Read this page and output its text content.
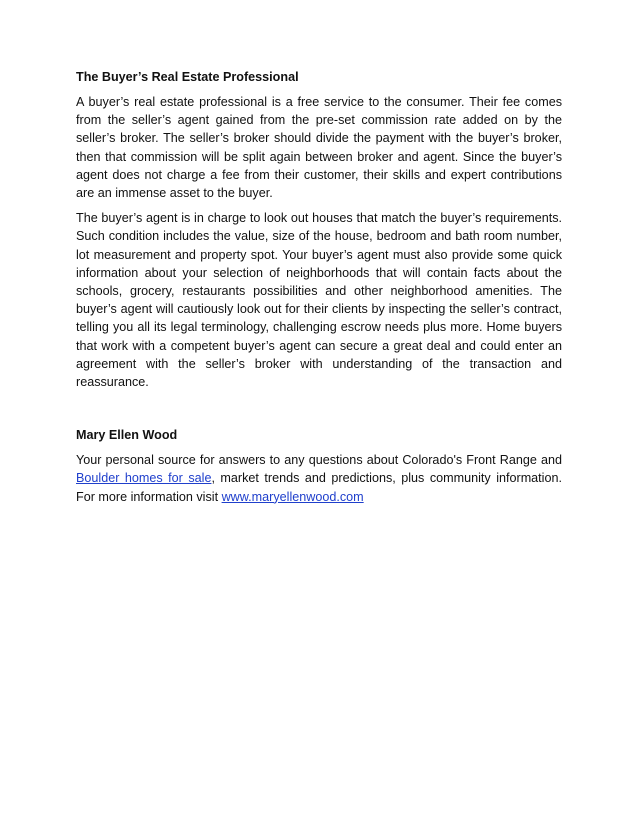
The Buyer’s Real Estate Professional

A buyer’s real estate professional is a free service to the consumer. Their fee comes from the seller’s agent gained from the pre-set commission rate added on by the seller’s broker. The seller’s broker should divide the payment with the buyer’s broker, then that commission will be split again between broker and agent. Since the buyer’s agent does not charge a fee from their customer, their skills and expert contributions are an immense asset to the buyer.

The buyer’s agent is in charge to look out houses that match the buyer’s requirements. Such condition includes the value, size of the house, bedroom and bath room number, lot measurement and property spot. Your buyer’s agent must also provide some quick information about your selection of neighborhoods that will contain facts about the schools, grocery, restaurants possibilities and other neighborhood amenities. The buyer’s agent will cautiously look out for their clients by inspecting the seller’s contract, telling you all its legal terminology, challenging escrow needs plus more. Home buyers that work with a competent buyer’s agent can secure a great deal and could enter an agreement with the seller’s broker with understanding of the transaction and reassurance.

Mary Ellen Wood

Your personal source for answers to any questions about Colorado's Front Range and Boulder homes for sale, market trends and predictions, plus community information. For more information visit www.maryellenwood.com
